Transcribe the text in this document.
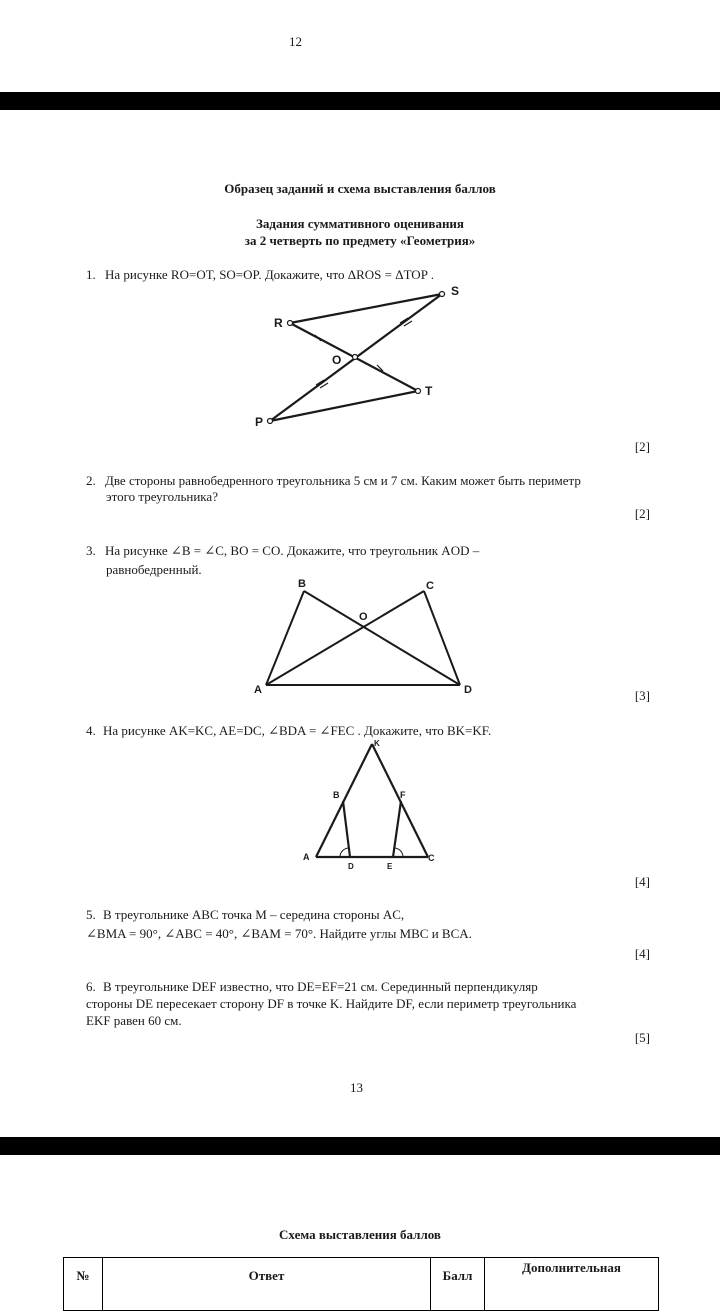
12
Образец заданий и схема выставления баллов
Задания суммативного оценивания
за 2 четверть по предмету «Геометрия»
1. На рисунке RO=OT, SO=OP. Докажите, что ΔROS = ΔTOP .
R
S
O
T
P
[2]
2. Две стороны равнобедренного треугольника 5 см и 7 см. Каким может быть периметр
этого треугольника?
[2]
3. На рисунке ∠B = ∠C, BO = CO. Докажите, что треугольник AOD –
равнобедренный.
B	C
O
A	D	[3]
4. На рисунке AK=KC, AE=DC, ∠BDA = ∠FEC . Докажите, что BK=KF.
K
B	F
A
D	E
C
[4]
5. В треугольнике ABC точка M – середина стороны AC,
∠BMA = 90°, ∠ABC = 40°, ∠BAM = 70°. Найдите углы MBC и BCA.
[4]
6. В треугольнике DEF известно, что DE=EF=21 см. Серединный перпендикуляр
стороны DE пересекает сторону DF в точке K. Найдите DF, если периметр треугольника
EKF равен 60 см.
[5]
13
Схема выставления баллов
№	Ответ	Балл	Дополнительная
